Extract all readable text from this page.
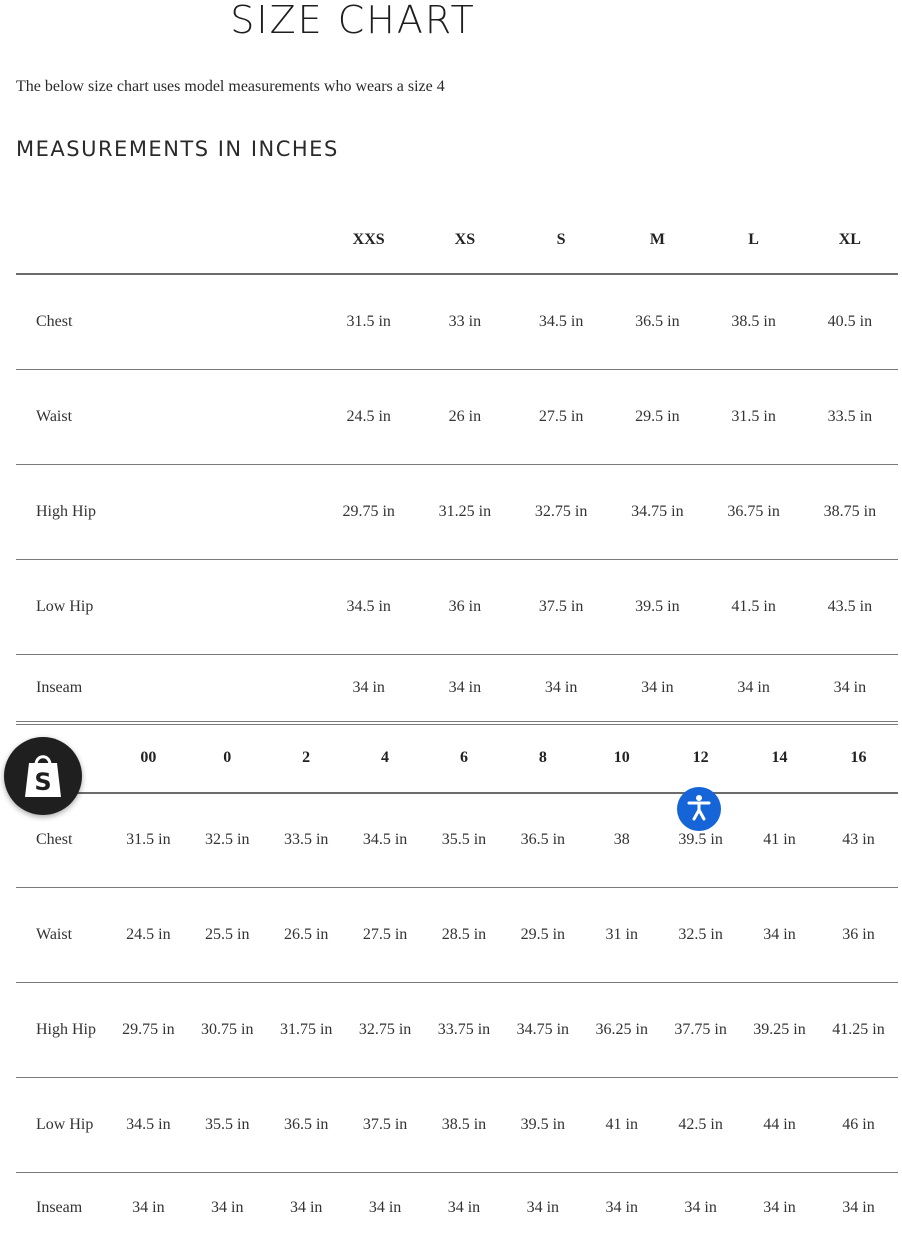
SIZE CHART
The below size chart uses model measurements who wears a size 4
MEASUREMENTS IN INCHES
	XXS	XS	S	M	L	XL
Chest	31.5 in	33 in	34.5 in	36.5 in	38.5 in	40.5 in
Waist	24.5 in	26 in	27.5 in	29.5 in	31.5 in	33.5 in
High Hip	29.75 in	31.25 in	32.75 in	34.75 in	36.75 in	38.75 in
Low Hip	34.5 in	36 in	37.5 in	39.5 in	41.5 in	43.5 in
Inseam	34 in	34 in	34 in	34 in	34 in	34 in
	00	0	2	4	6	8	10	12	14	16
Chest	31.5 in	32.5 in	33.5 in	34.5 in	35.5 in	36.5 in	38	39.5 in	41 in	43 in
Waist	24.5 in	25.5 in	26.5 in	27.5 in	28.5 in	29.5 in	31 in	32.5 in	34 in	36 in
High Hip	29.75 in	30.75 in	31.75 in	32.75 in	33.75 in	34.75 in	36.25 in	37.75 in	39.25 in	41.25 in
Low Hip	34.5 in	35.5 in	36.5 in	37.5 in	38.5 in	39.5 in	41 in	42.5 in	44 in	46 in
Inseam	34 in	34 in	34 in	34 in	34 in	34 in	34 in	34 in	34 in	34 in
S
